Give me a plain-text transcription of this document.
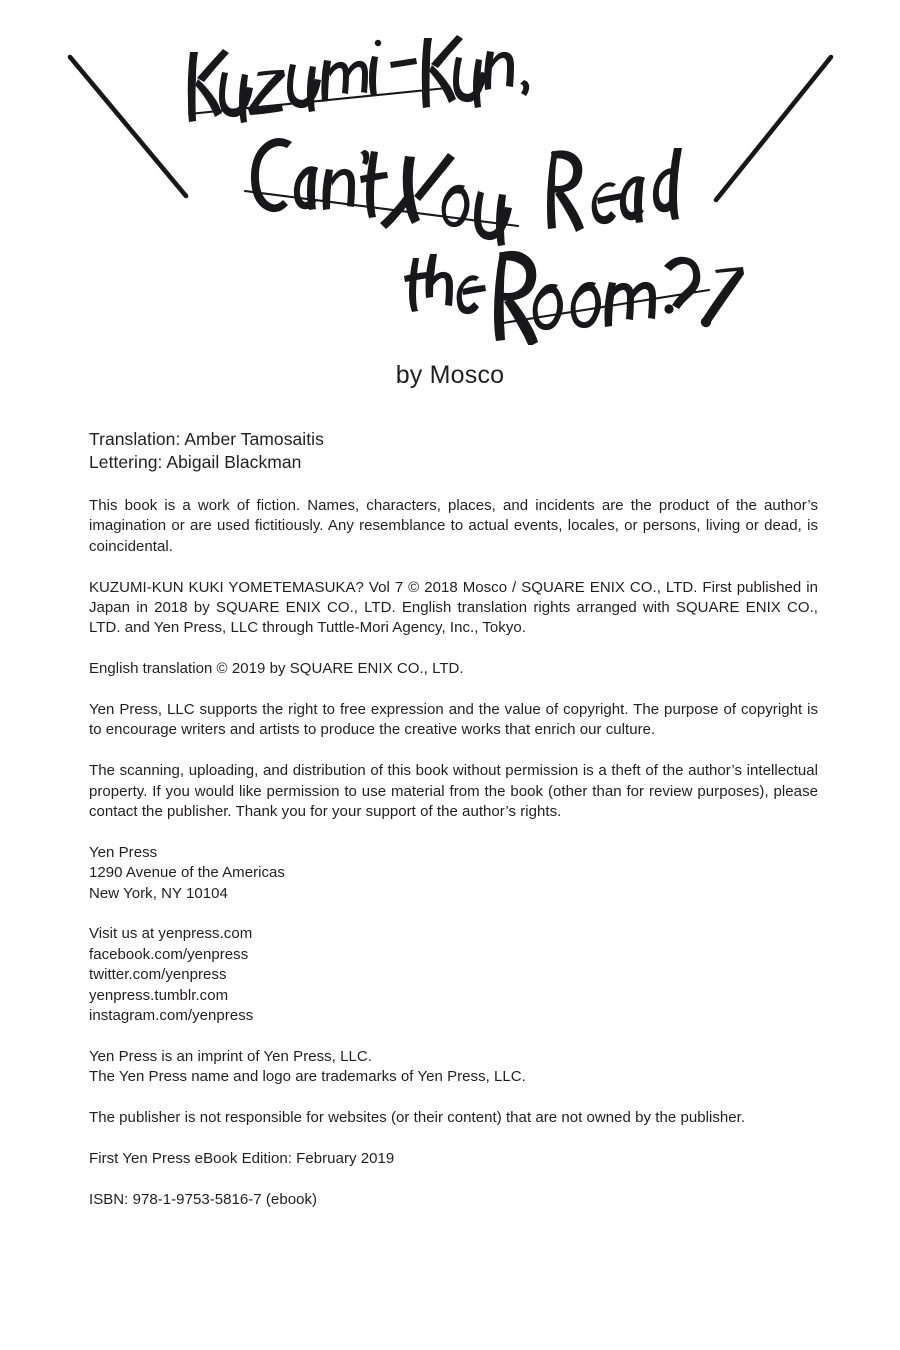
by Mosco
Translation: Amber Tamosaitis
Lettering: Abigail Blackman

This book is a work of fiction. Names, characters, places, and incidents are the product of the author’s imagination or are used fictitiously. Any resemblance to actual events, locales, or persons, living or dead, is coincidental.

KUZUMI-KUN KUKI YOMETEMASUKA? Vol 7 © 2018 Mosco / SQUARE ENIX CO., LTD. First published in Japan in 2018 by SQUARE ENIX CO., LTD. English translation rights arranged with SQUARE ENIX CO., LTD. and Yen Press, LLC through Tuttle-Mori Agency, Inc., Tokyo.

English translation © 2019 by SQUARE ENIX CO., LTD.

Yen Press, LLC supports the right to free expression and the value of copyright. The purpose of copyright is to encourage writers and artists to produce the creative works that enrich our culture.

The scanning, uploading, and distribution of this book without permission is a theft of the author’s intellectual property. If you would like permission to use material from the book (other than for review purposes), please contact the publisher. Thank you for your support of the author’s rights.

Yen Press
1290 Avenue of the Americas
New York, NY 10104
Visit us at yenpress.com
facebook.com/yenpress
twitter.com/yenpress
yenpress.tumblr.com
instagram.com/yenpress
Yen Press is an imprint of Yen Press, LLC.
The Yen Press name and logo are trademarks of Yen Press, LLC.

The publisher is not responsible for websites (or their content) that are not owned by the publisher.

First Yen Press eBook Edition: February 2019
ISBN: 978-1-9753-5816-7 (ebook)
